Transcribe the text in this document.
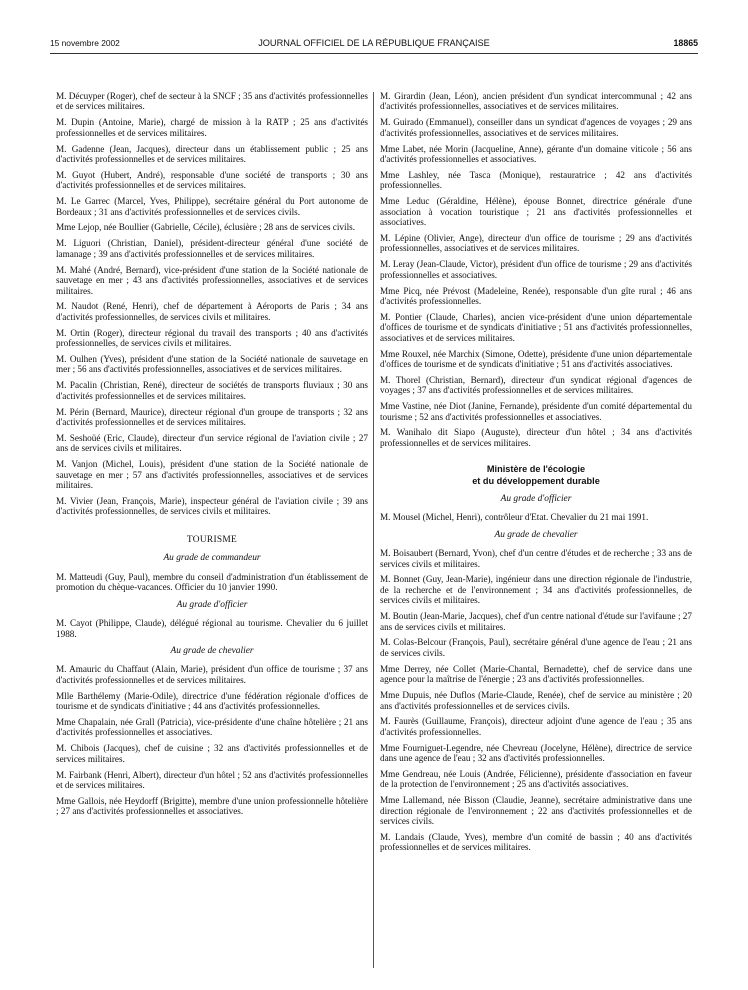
15 novembre 2002	JOURNAL OFFICIEL DE LA RÉPUBLIQUE FRANÇAISE	18865

M. Décuyper (Roger), chef de secteur à la SNCF ; 35 ans d'activités professionnelles et de services militaires.

M. Dupin (Antoine, Marie), chargé de mission à la RATP ; 25 ans d'activités professionnelles et de services militaires.

M. Gadenne (Jean, Jacques), directeur dans un établissement public ; 25 ans d'activités professionnelles et de services militaires.

M. Guyot (Hubert, André), responsable d'une société de transports ; 30 ans d'activités professionnelles et de services militaires.

M. Le Garrec (Marcel, Yves, Philippe), secrétaire général du Port autonome de Bordeaux ; 31 ans d'activités professionnelles et de services civils.

Mme Lejop, née Boullier (Gabrielle, Cécile), éclusière ; 28 ans de services civils.

M. Liguori (Christian, Daniel), président-directeur général d'une société de lamanage ; 39 ans d'activités professionnelles et de services militaires.

M. Mahé (André, Bernard), vice-président d'une station de la Société nationale de sauvetage en mer ; 43 ans d'activités professionnelles, associatives et de services militaires.

M. Naudot (René, Henri), chef de département à Aéroports de Paris ; 34 ans d'activités professionnelles, de services civils et militaires.

M. Ortin (Roger), directeur régional du travail des transports ; 40 ans d'activités professionnelles, de services civils et militaires.

M. Oulhen (Yves), président d'une station de la Société nationale de sauvetage en mer ; 56 ans d'activités professionnelles, associatives et de services militaires.

M. Pacalin (Christian, René), directeur de sociétés de transports fluviaux ; 30 ans d'activités professionnelles et de services militaires.

M. Périn (Bernard, Maurice), directeur régional d'un groupe de transports ; 32 ans d'activités professionnelles et de services militaires.

M. Seshoüé (Eric, Claude), directeur d'un service régional de l'aviation civile ; 27 ans de services civils et militaires.

M. Vanjon (Michel, Louis), président d'une station de la Société nationale de sauvetage en mer ; 57 ans d'activités professionnelles, associatives et de services militaires.

M. Vivier (Jean, François, Marie), inspecteur général de l'aviation civile ; 39 ans d'activités professionnelles, de services civils et militaires.

TOURISME
Au grade de commandeur

M. Matteudi (Guy, Paul), membre du conseil d'administration d'un établissement de promotion du chèque-vacances. Officier du 10 janvier 1990.

Au grade d'officier

M. Cayot (Philippe, Claude), délégué régional au tourisme. Chevalier du 6 juillet 1988.

Au grade de chevalier

M. Amauric du Chaffaut (Alain, Marie), président d'un office de tourisme ; 37 ans d'activités professionnelles et de services militaires.

Mlle Barthélemy (Marie-Odile), directrice d'une fédération régionale d'offices de tourisme et de syndicats d'initiative ; 44 ans d'activités professionnelles.

Mme Chapalain, née Grall (Patricia), vice-présidente d'une chaîne hôtelière ; 21 ans d'activités professionnelles et associatives.

M. Chibois (Jacques), chef de cuisine ; 32 ans d'activités professionnelles et de services militaires.

M. Fairbank (Henri, Albert), directeur d'un hôtel ; 52 ans d'activités professionnelles et de services militaires.

Mme Gallois, née Heydorff (Brigitte), membre d'une union professionnelle hôtelière ; 27 ans d'activités professionnelles et associatives.

M. Girardin (Jean, Léon), ancien président d'un syndicat intercommunal ; 42 ans d'activités professionnelles, associatives et de services militaires.

M. Guirado (Emmanuel), conseiller dans un syndicat d'agences de voyages ; 29 ans d'activités professionnelles, associatives et de services militaires.

Mme Labet, née Morin (Jacqueline, Anne), gérante d'un domaine viticole ; 56 ans d'activités professionnelles et associatives.

Mme Lashley, née Tasca (Monique), restauratrice ; 42 ans d'activités professionnelles.

Mme Leduc (Géraldine, Hélène), épouse Bonnet, directrice générale d'une association à vocation touristique ; 21 ans d'activités professionnelles et associatives.

M. Lépine (Olivier, Ange), directeur d'un office de tourisme ; 29 ans d'activités professionnelles, associatives et de services militaires.

M. Leray (Jean-Claude, Victor), président d'un office de tourisme ; 29 ans d'activités professionnelles et associatives.

Mme Picq, née Prévost (Madeleine, Renée), responsable d'un gîte rural ; 46 ans d'activités professionnelles.

M. Pontier (Claude, Charles), ancien vice-président d'une union départementale d'offices de tourisme et de syndicats d'initiative ; 51 ans d'activités professionnelles, associatives et de services militaires.

Mme Rouxel, née Marchix (Simone, Odette), présidente d'une union départementale d'offices de tourisme et de syndicats d'initiative ; 51 ans d'activités associatives.

M. Thorel (Christian, Bernard), directeur d'un syndicat régional d'agences de voyages ; 37 ans d'activités professionnelles et de services militaires.

Mme Vastine, née Diot (Janine, Fernande), présidente d'un comité départemental du tourisme ; 52 ans d'activités professionnelles et associatives.

M. Wanihalo dit Siapo (Auguste), directeur d'un hôtel ; 34 ans d'activités professionnelles et de services militaires.

Ministère de l'écologie
et du développement durable
Au grade d'officier

M. Mousel (Michel, Henri), contrôleur d'Etat. Chevalier du 21 mai 1991.

Au grade de chevalier

M. Boisaubert (Bernard, Yvon), chef d'un centre d'études et de recherche ; 33 ans de services civils et militaires.

M. Bonnet (Guy, Jean-Marie), ingénieur dans une direction régionale de l'industrie, de la recherche et de l'environnement ; 34 ans d'activités professionnelles, de services civils et militaires.

M. Boutin (Jean-Marie, Jacques), chef d'un centre national d'étude sur l'avifaune ; 27 ans de services civils et militaires.

M. Colas-Belcour (François, Paul), secrétaire général d'une agence de l'eau ; 21 ans de services civils.

Mme Derrey, née Collet (Marie-Chantal, Bernadette), chef de service dans une agence pour la maîtrise de l'énergie ; 23 ans d'activités professionnelles.

Mme Dupuis, née Duflos (Marie-Claude, Renée), chef de service au ministère ; 20 ans d'activités professionnelles et de services civils.

M. Faurès (Guillaume, François), directeur adjoint d'une agence de l'eau ; 35 ans d'activités professionnelles.

Mme Fourniguet-Legendre, née Chevreau (Jocelyne, Hélène), directrice de service dans une agence de l'eau ; 32 ans d'activités professionnelles.

Mme Gendreau, née Louis (Andrée, Félicienne), présidente d'association en faveur de la protection de l'environnement ; 25 ans d'activités associatives.

Mme Lallemand, née Bisson (Claudie, Jeanne), secrétaire administrative dans une direction régionale de l'environnement ; 22 ans d'activités professionnelles et de services civils.

M. Landais (Claude, Yves), membre d'un comité de bassin ; 40 ans d'activités professionnelles et de services militaires.
